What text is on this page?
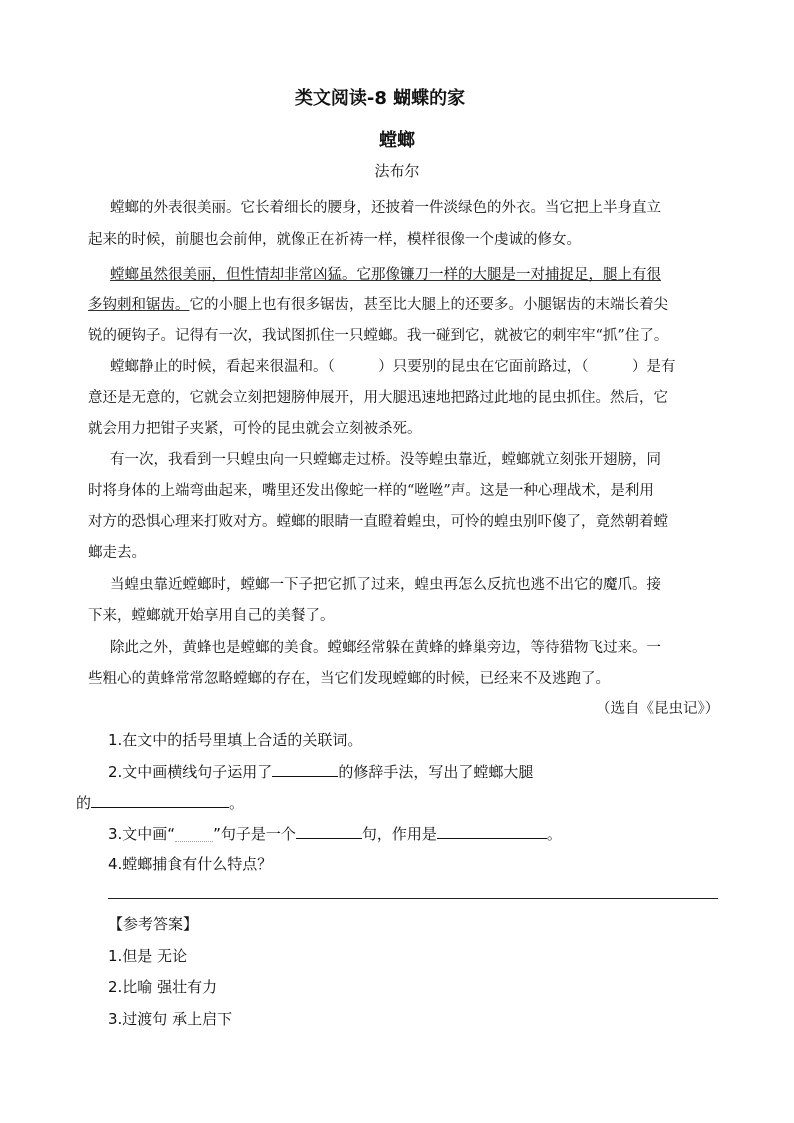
类文阅读-8 蝴蝶的家
螳螂
法布尔
螳螂的外表很美丽。它长着细长的腰身，还披着一件淡绿色的外衣。当它把上半身直立
起来的时候，前腿也会前伸，就像正在祈祷一样，模样很像一个虔诚的修女。
螳螂虽然很美丽，但性情却非常凶猛。它那像镰刀一样的大腿是一对捕捉足，腿上有很
多钩刺和锯齿。它的小腿上也有很多锯齿，甚至比大腿上的还要多。小腿锯齿的末端长着尖
锐的硬钩子。记得有一次，我试图抓住一只螳螂。我一碰到它，就被它的刺牢牢“抓”住了。
螳螂静止的时候，看起来很温和。（　　　）只要别的昆虫在它面前路过，（　　　）是有
意还是无意的，它就会立刻把翅膀伸展开，用大腿迅速地把路过此地的昆虫抓住。然后，它
就会用力把钳子夹紧，可怜的昆虫就会立刻被杀死。
有一次，我看到一只蝗虫向一只螳螂走过桥。没等蝗虫靠近，螳螂就立刻张开翅膀，同
时将身体的上端弯曲起来，嘴里还发出像蛇一样的“咝咝”声。这是一种心理战术，是利用
对方的恐惧心理来打败对方。螳螂的眼睛一直瞪着蝗虫，可怜的蝗虫别吓傻了，竟然朝着螳
螂走去。
当蝗虫靠近螳螂时，螳螂一下子把它抓了过来，蝗虫再怎么反抗也逃不出它的魔爪。接
下来，螳螂就开始享用自己的美餐了。
除此之外，黄蜂也是螳螂的美食。螳螂经常躲在黄蜂的蜂巢旁边，等待猎物飞过来。一
些粗心的黄蜂常常忽略螳螂的存在，当它们发现螳螂的时候，已经来不及逃跑了。
（选自《昆虫记》）
1.在文中的括号里填上合适的关联词。
2.文中画横线句子运用了	的修辞手法，写出了螳螂大腿
的	。
3.文中画“	”句子是一个	句，作用是	。
4.螳螂捕食有什么特点？
【参考答案】
1.但是 无论
2.比喻 强壮有力
3.过渡句 承上启下
